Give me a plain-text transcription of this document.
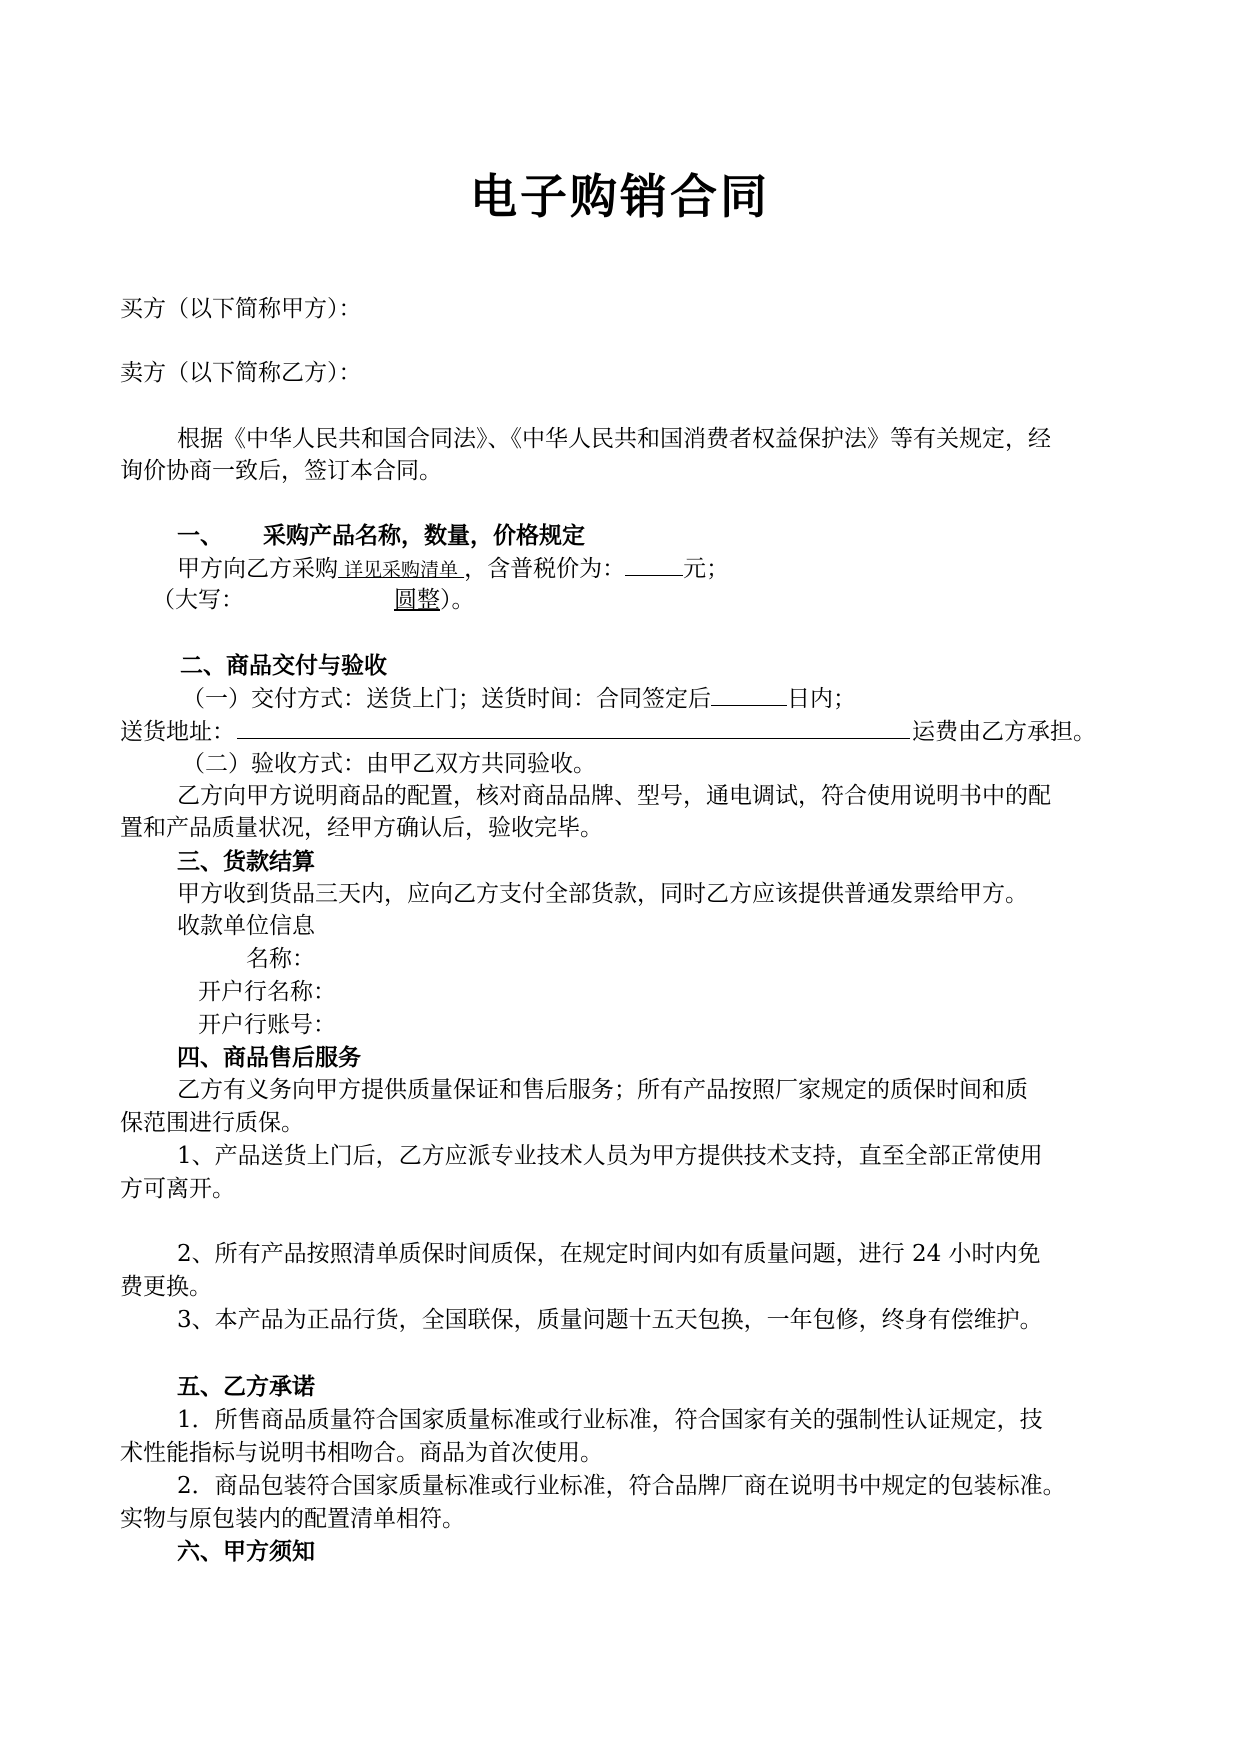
电子购销合同
买方（以下简称甲方）：
卖方（以下简称乙方）：
根据《中华人民共和国合同法》、《中华人民共和国消费者权益保护法》等有关规定，经
询价协商一致后，签订本合同。
一、 采购产品名称，数量，价格规定
甲方向乙方采购 详见采购清单 ，含普税价为：	元；
（大写：	圆整）。
二、商品交付与验收
（一）交付方式：送货上门；送货时间：合同签定后	日内；
送货地址：	运费由乙方承担。
（二）验收方式：由甲乙双方共同验收。
乙方向甲方说明商品的配置，核对商品品牌、型号，通电调试，符合使用说明书中的配
置和产品质量状况，经甲方确认后，验收完毕。
三、货款结算
甲方收到货品三天内，应向乙方支付全部货款，同时乙方应该提供普通发票给甲方。
收款单位信息
名称：
开户行名称：
开户行账号：
四、商品售后服务
乙方有义务向甲方提供质量保证和售后服务；所有产品按照厂家规定的质保时间和质
保范围进行质保。
1、产品送货上门后，乙方应派专业技术人员为甲方提供技术支持，直至全部正常使用
方可离开。
2、所有产品按照清单质保时间质保，在规定时间内如有质量问题，进行 24 小时内免
费更换。
3、本产品为正品行货，全国联保，质量问题十五天包换，一年包修，终身有偿维护。
五、乙方承诺
1．所售商品质量符合国家质量标准或行业标准，符合国家有关的强制性认证规定，技
术性能指标与说明书相吻合。商品为首次使用。
2．商品包装符合国家质量标准或行业标准，符合品牌厂商在说明书中规定的包装标准。
实物与原包装内的配置清单相符。
六、甲方须知
